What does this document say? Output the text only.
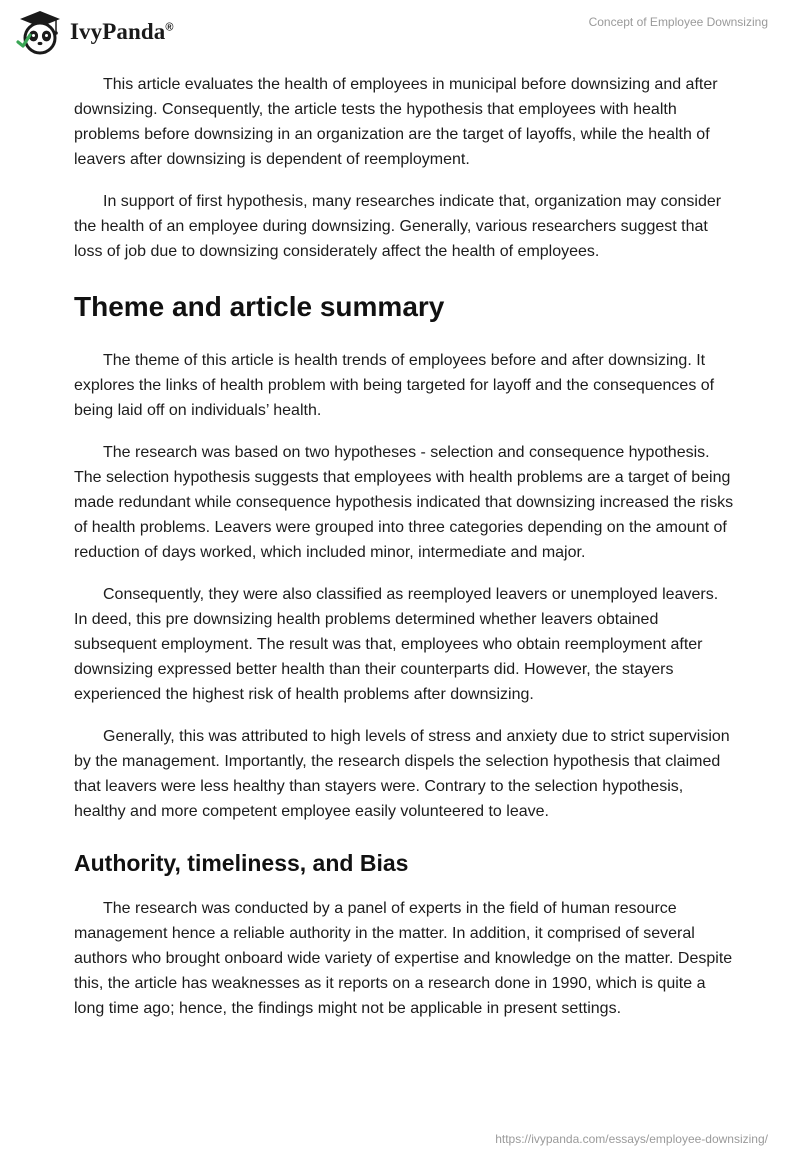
IvyPanda®	Concept of Employee Downsizing

This article evaluates the health of employees in municipal before downsizing and after downsizing. Consequently, the article tests the hypothesis that employees with health problems before downsizing in an organization are the target of layoffs, while the health of leavers after downsizing is dependent of reemployment.

In support of first hypothesis, many researches indicate that, organization may consider the health of an employee during downsizing. Generally, various researchers suggest that loss of job due to downsizing considerately affect the health of employees.

Theme and article summary

The theme of this article is health trends of employees before and after downsizing. It explores the links of health problem with being targeted for layoff and the consequences of being laid off on individuals’ health.

The research was based on two hypotheses - selection and consequence hypothesis. The selection hypothesis suggests that employees with health problems are a target of being made redundant while consequence hypothesis indicated that downsizing increased the risks of health problems. Leavers were grouped into three categories depending on the amount of reduction of days worked, which included minor, intermediate and major.

Consequently, they were also classified as reemployed leavers or unemployed leavers. In deed, this pre downsizing health problems determined whether leavers obtained subsequent employment. The result was that, employees who obtain reemployment after downsizing expressed better health than their counterparts did. However, the stayers experienced the highest risk of health problems after downsizing.

Generally, this was attributed to high levels of stress and anxiety due to strict supervision by the management. Importantly, the research dispels the selection hypothesis that claimed that leavers were less healthy than stayers were. Contrary to the selection hypothesis, healthy and more competent employee easily volunteered to leave.

Authority, timeliness, and Bias

The research was conducted by a panel of experts in the field of human resource management hence a reliable authority in the matter. In addition, it comprised of several authors who brought onboard wide variety of expertise and knowledge on the matter. Despite this, the article has weaknesses as it reports on a research done in 1990, which is quite a long time ago; hence, the findings might not be applicable in present settings.

https://ivypanda.com/essays/employee-downsizing/
